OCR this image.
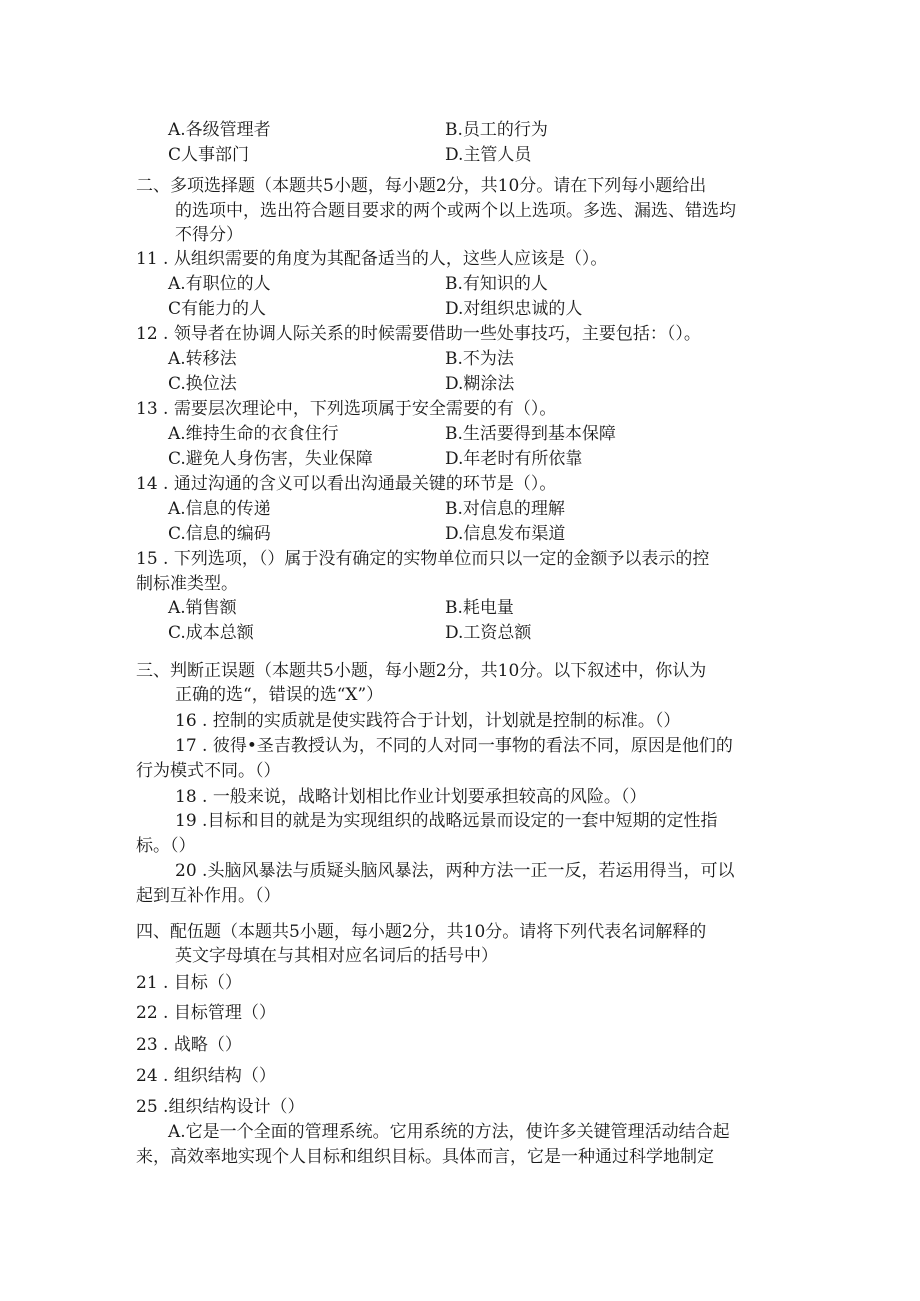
A.各级管理者	B.员工的行为
C人事部门	D.主管人员
二、多项选择题（本题共5小题，每小题2分，共10分。请在下列每小题给出
的选项中，选出符合题目要求的两个或两个以上选项。多选、漏选、错选均
不得分）
11 . 从组织需要的角度为其配备适当的人，这些人应该是（）。
A.有职位的人	B.有知识的人
C有能力的人	D.对组织忠诚的人
12 . 领导者在协调人际关系的时候需要借助一些处事技巧，主要包括：（）。
A.转移法	B.不为法
C.换位法	D.糊涂法
13 . 需要层次理论中，下列选项属于安全需要的有（）。
A.维持生命的衣食住行	B.生活要得到基本保障
C.避免人身伤害，失业保障	D.年老时有所依靠
14 . 通过沟通的含义可以看出沟通最关键的环节是（）。
A.信息的传递	B.对信息的理解
C.信息的编码	D.信息发布渠道
15 . 下列选项，（）属于没有确定的实物单位而只以一定的金额予以表示的控
制标准类型。
A.销售额	B.耗电量
C.成本总额	D.工资总额
三、判断正误题（本题共5小题，每小题2分，共10分。以下叙述中，你认为
正确的选“，错误的选“X”）
16 . 控制的实质就是使实践符合于计划，计划就是控制的标准。（）
17 . 彼得•圣吉教授认为，不同的人对同一事物的看法不同，原因是他们的
行为模式不同。（）
18 . 一般来说，战略计划相比作业计划要承担较高的风险。（）
19 .目标和目的就是为实现组织的战略远景而设定的一套中短期的定性指
标。（）
20 .头脑风暴法与质疑头脑风暴法，两种方法一正一反，若运用得当，可以
起到互补作用。（）
四、配伍题（本题共5小题，每小题2分，共10分。请将下列代表名词解释的
英文字母填在与其相对应名词后的括号中）
21 . 目标（）
22 . 目标管理（）
23 . 战略（）
24 . 组织结构（）
25 .组织结构设计（）
A.它是一个全面的管理系统。它用系统的方法，使许多关键管理活动结合起
来，高效率地实现个人目标和组织目标。具体而言，它是一种通过科学地制定
